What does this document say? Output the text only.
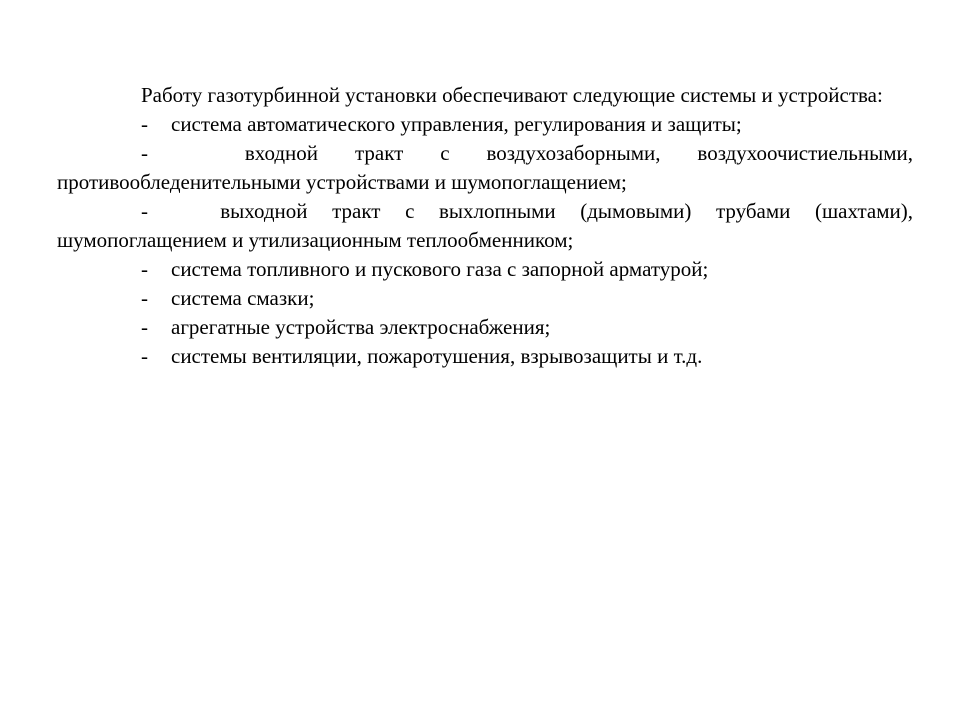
Работу газотурбинной установки обеспечивают следующие системы и устройства:

- система автоматического управления, регулирования и защиты;

-  входной тракт с воздухозаборными, воздухоочистиельными, противообледенительными устройствами и шумопоглащением;

-  выходной тракт с выхлопными (дымовыми) трубами (шахтами), шумопоглащением и утилизационным теплообменником;

- система топливного и пускового газа с запорной арматурой;

- система смазки;

- агрегатные устройства электроснабжения;

- системы вентиляции, пожаротушения, взрывозащиты и т.д.
